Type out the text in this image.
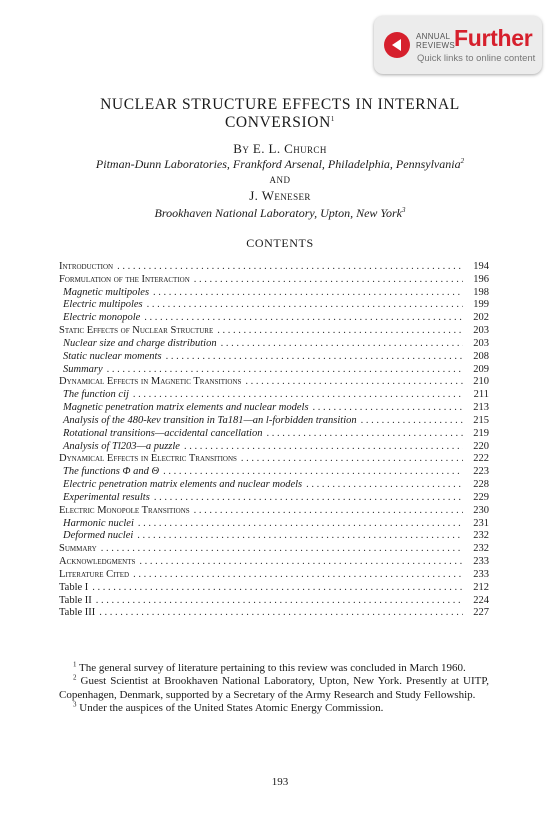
ANNUAL
REVIEWS Further
Quick links to online content
NUCLEAR STRUCTURE EFFECTS IN INTERNAL
CONVERSION$^1$
By E. L. Church
Pitman-Dunn Laboratories, Frankford Arsenal, Philadelphia, Pennsylvania$^2$
AND
J. Weneser
Brookhaven National Laboratory, Upton, New York$^3$
CONTENTS
Introduction . . .	194
Formulation of the Interaction . . .	196
Magnetic multipoles . . .	198
Electric multipoles . . .	199
Electric monopole . . .	202
Static Effects of Nuclear Structure . . .	203
Nuclear size and charge distribution . . .	203
Static nuclear moments . . .	208
Summary . . .	209
Dynamical Effects in Magnetic Transitions . . .	210
The function cij . . .	211
Magnetic penetration matrix elements and nuclear models . . .	213
Analysis of the 480-kev transition in Ta181—an l-forbidden transition . . .	215
Rotational transitions—accidental cancellation . . .	219
Analysis of Tl203—a puzzle . . .	220
Dynamical Effects in Electric Transitions . . .	222
The functions Φ and Θ . . .	223
Electric penetration matrix elements and nuclear models . . .	228
Experimental results . . .	229
Electric Monopole Transitions . . .	230
Harmonic nuclei . . .	231
Deformed nuclei . . .	232
Summary . . .	232
Acknowledgments . . .	233
Literature Cited . . .	233
Table I . . .	212
Table II . . .	224
Table III . . .	227

$^1$ The general survey of literature pertaining to this review was concluded in March 1960.

$^2$ Guest Scientist at Brookhaven National Laboratory, Upton, New York. Presently at UITP, Copenhagen, Denmark, supported by a Secretary of the Army Research and Study Fellowship.

$^3$ Under the auspices of the United States Atomic Energy Commission.

193
